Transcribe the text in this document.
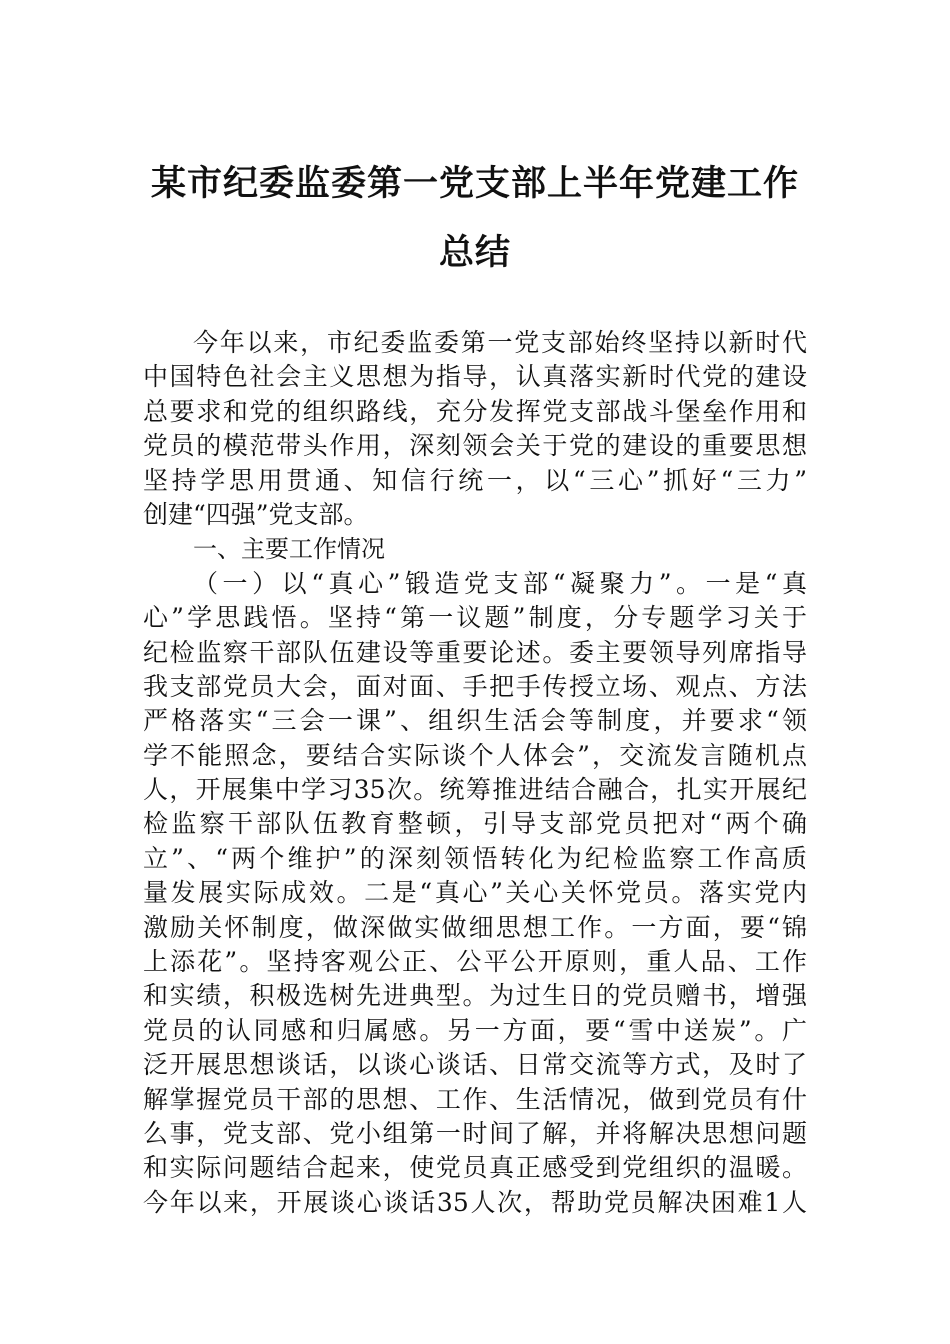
某市纪委监委第一党支部上半年党建工作
总结
今年以来，市纪委监委第一党支部始终坚持以新时代
中国特色社会主义思想为指导，认真落实新时代党的建设
总要求和党的组织路线，充分发挥党支部战斗堡垒作用和
党员的模范带头作用，深刻领会关于党的建设的重要思想
坚持学思用贯通、知信行统一，以“三心”抓好“三力”
创建“四强”党支部。
一、主要工作情况
（一）以“真心”锻造党支部“凝聚力”。一是“真
心”学思践悟。坚持“第一议题”制度，分专题学习关于
纪检监察干部队伍建设等重要论述。委主要领导列席指导
我支部党员大会，面对面、手把手传授立场、观点、方法
严格落实“三会一课”、组织生活会等制度，并要求“领
学不能照念，要结合实际谈个人体会”，交流发言随机点
人，开展集中学习35次。统筹推进结合融合，扎实开展纪
检监察干部队伍教育整顿，引导支部党员把对“两个确
立”、“两个维护”的深刻领悟转化为纪检监察工作高质
量发展实际成效。二是“真心”关心关怀党员。落实党内
激励关怀制度，做深做实做细思想工作。一方面，要“锦
上添花”。坚持客观公正、公平公开原则，重人品、工作
和实绩，积极选树先进典型。为过生日的党员赠书，增强
党员的认同感和归属感。另一方面，要“雪中送炭”。广
泛开展思想谈话，以谈心谈话、日常交流等方式，及时了
解掌握党员干部的思想、工作、生活情况，做到党员有什
么事，党支部、党小组第一时间了解，并将解决思想问题
和实际问题结合起来，使党员真正感受到党组织的温暖。
今年以来，开展谈心谈话35人次，帮助党员解决困难1人
